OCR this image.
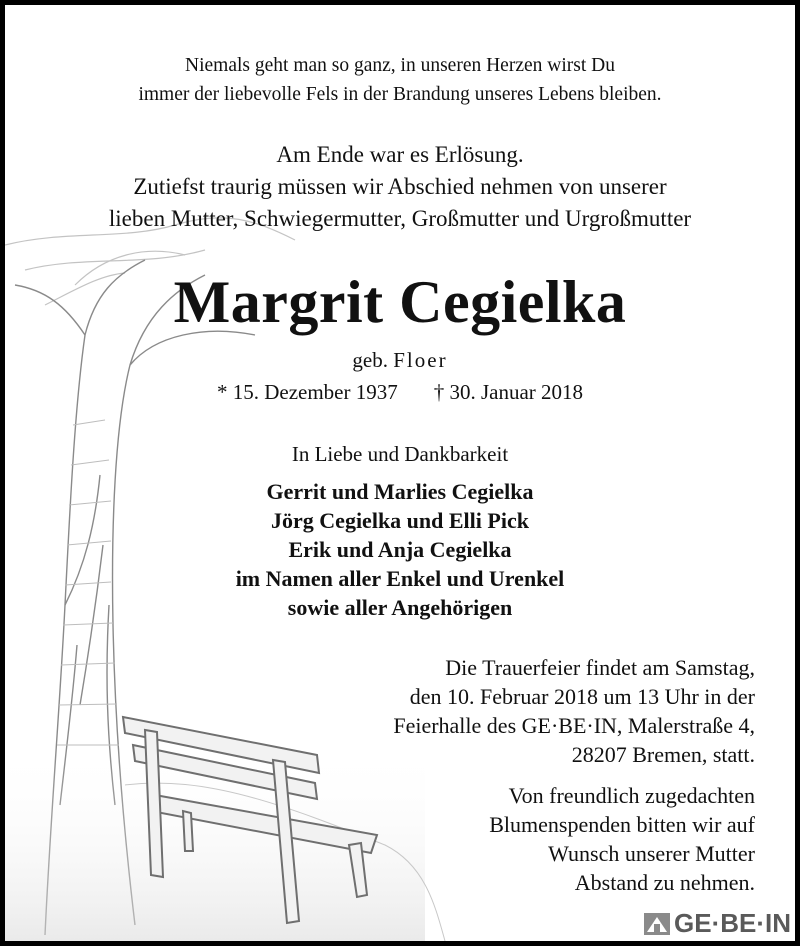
Niemals geht man so ganz, in unseren Herzen wirst Du
immer der liebevolle Fels in der Brandung unseres Lebens bleiben.
Am Ende war es Erlösung.
Zutiefst traurig müssen wir Abschied nehmen von unserer
lieben Mutter, Schwiegermutter, Großmutter und Urgroßmutter
Margrit Cegielka
geb. Floer
* 15. Dezember 1937 † 30. Januar 2018
In Liebe und Dankbarkeit
Gerrit und Marlies Cegielka
Jörg Cegielka und Elli Pick
Erik und Anja Cegielka
im Namen aller Enkel und Urenkel
sowie aller Angehörigen
Die Trauerfeier findet am Samstag,
den 10. Februar 2018 um 13 Uhr in der
Feierhalle des GE·BE·IN, Malerstraße 4,
28207 Bremen, statt.
Von freundlich zugedachten
Blumenspenden bitten wir auf
Wunsch unserer Mutter
Abstand zu nehmen.
GE·BE·IN
